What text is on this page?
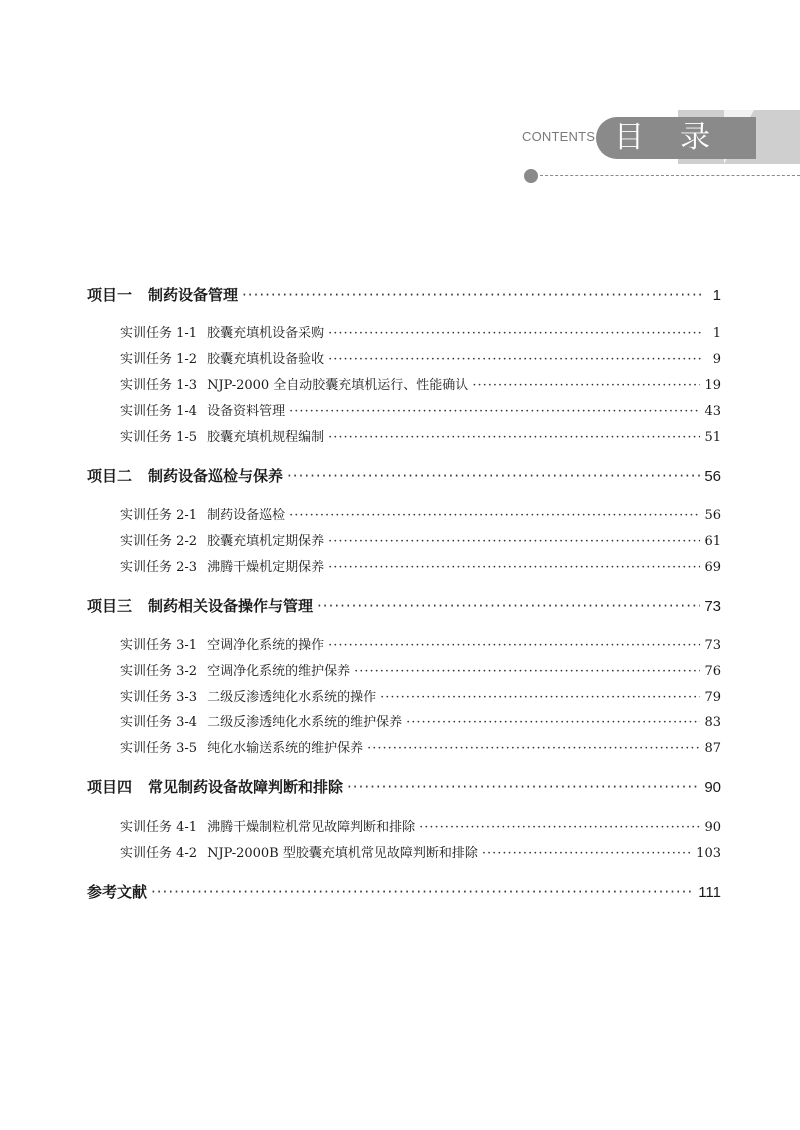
CONTENTS 目录
项目一 制药设备管理 ·····	1
实训任务 1-1 胶囊充填机设备采购 ·····	1
实训任务 1-2 胶囊充填机设备验收 ·····	9
实训任务 1-3 NJP-2000 全自动胶囊充填机运行、性能确认 ·····	19
实训任务 1-4 设备资料管理 ·····	43
实训任务 1-5 胶囊充填机规程编制 ·····	51
项目二 制药设备巡检与保养 ·····	56
实训任务 2-1 制药设备巡检 ·····	56
实训任务 2-2 胶囊充填机定期保养 ·····	61
实训任务 2-3 沸腾干燥机定期保养 ·····	69
项目三 制药相关设备操作与管理 ·····	73
实训任务 3-1 空调净化系统的操作 ·····	73
实训任务 3-2 空调净化系统的维护保养 ·····	76
实训任务 3-3 二级反渗透纯化水系统的操作 ·····	79
实训任务 3-4 二级反渗透纯化水系统的维护保养 ·····	83
实训任务 3-5 纯化水输送系统的维护保养 ·····	87
项目四 常见制药设备故障判断和排除 ·····	90
实训任务 4-1 沸腾干燥制粒机常见故障判断和排除 ·····	90
实训任务 4-2 NJP-2000B 型胶囊充填机常见故障判断和排除 ·····	103
参考文献 ·····	111
